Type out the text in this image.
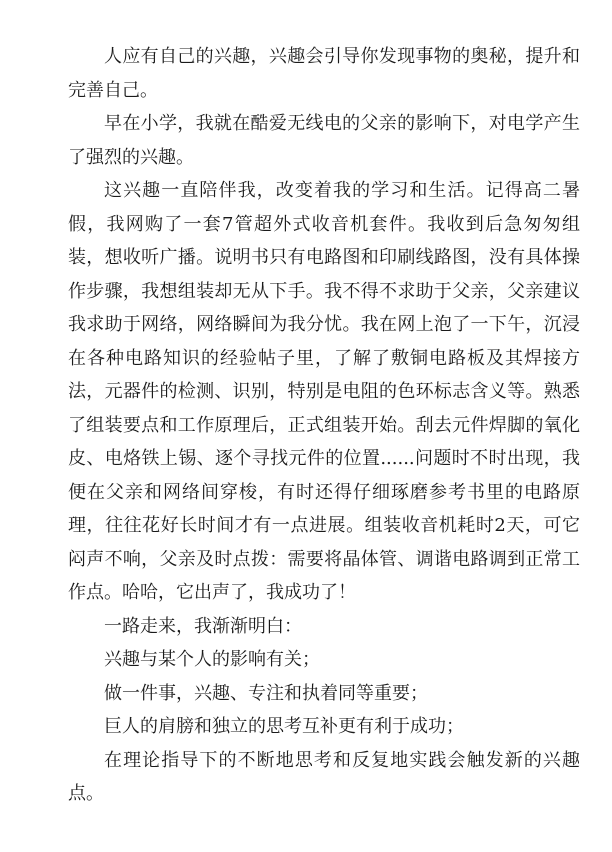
人应有自己的兴趣，兴趣会引导你发现事物的奥秘，提升和完善自己。

早在小学，我就在酷爱无线电的父亲的影响下，对电学产生了强烈的兴趣。

这兴趣一直陪伴我，改变着我的学习和生活。记得高二暑假，我网购了一套7管超外式收音机套件。我收到后急匆匆组装，想收听广播。说明书只有电路图和印刷线路图，没有具体操作步骤，我想组装却无从下手。我不得不求助于父亲，父亲建议我求助于网络，网络瞬间为我分忧。我在网上泡了一下午，沉浸在各种电路知识的经验帖子里，了解了敷铜电路板及其焊接方法，元器件的检测、识别，特别是电阻的色环标志含义等。熟悉了组装要点和工作原理后，正式组装开始。刮去元件焊脚的氧化皮、电烙铁上锡、逐个寻找元件的位置......问题时不时出现，我便在父亲和网络间穿梭，有时还得仔细琢磨参考书里的电路原理，往往花好长时间才有一点进展。组装收音机耗时2天，可它闷声不响，父亲及时点拨：需要将晶体管、调谐电路调到正常工作点。哈哈，它出声了，我成功了！

一路走来，我渐渐明白：

兴趣与某个人的影响有关；

做一件事，兴趣、专注和执着同等重要；

巨人的肩膀和独立的思考互补更有利于成功；

在理论指导下的不断地思考和反复地实践会触发新的兴趣点。
